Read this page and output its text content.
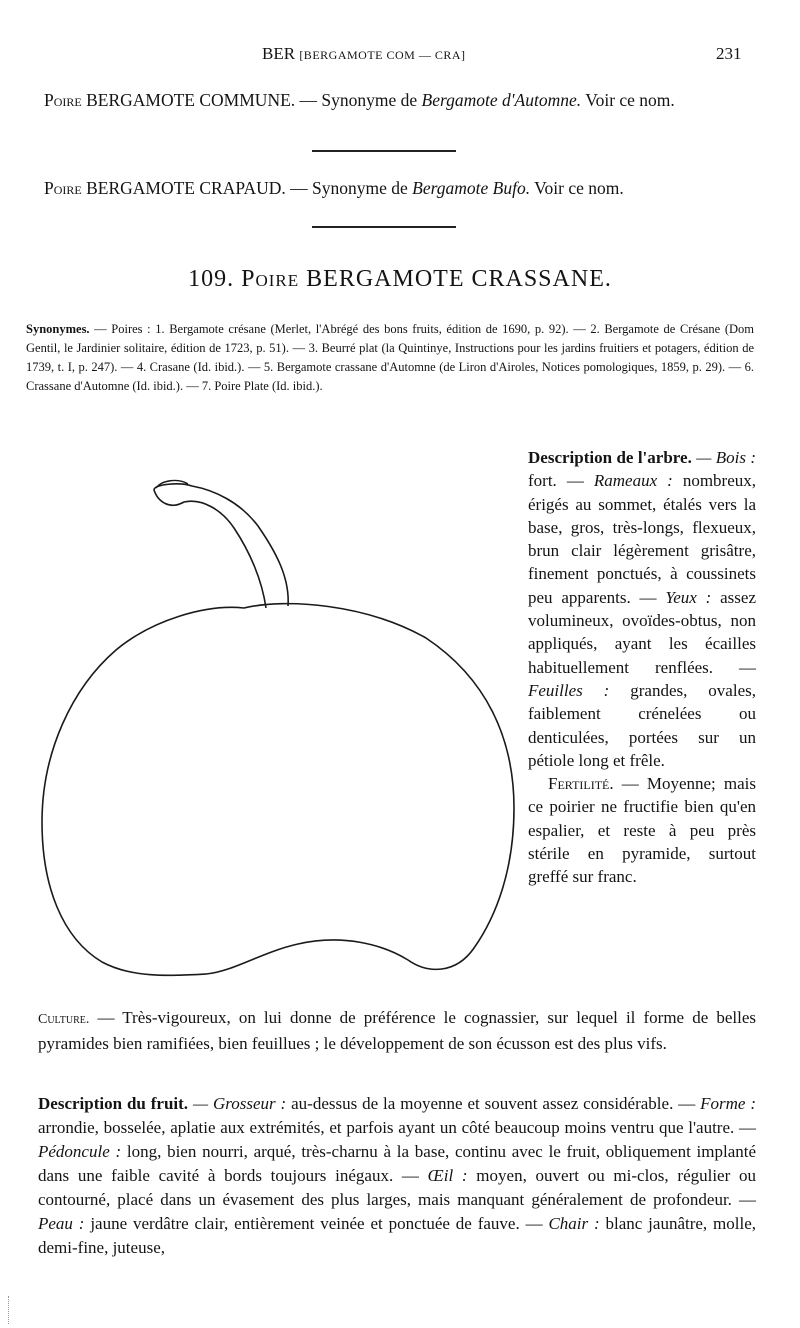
BER [BERGAMOTE COM — CRA]	231

Poire BERGAMOTE COMMUNE. — Synonyme de Bergamote d'Automne. Voir ce nom.

Poire BERGAMOTE CRAPAUD. — Synonyme de Bergamote Bufo. Voir ce nom.

109. Poire BERGAMOTE CRASSANE.

Synonymes. — Poires : 1. Bergamote crésane (Merlet, l'Abrégé des bons fruits, édition de 1690, p. 92). — 2. Bergamote de Crésane (Dom Gentil, le Jardinier solitaire, édition de 1723, p. 51). — 3. Beurré plat (la Quintinye, Instructions pour les jardins fruitiers et potagers, édition de 1739, t. I, p. 247). — 4. Crasane (Id. ibid.). — 5. Bergamote crassane d'Automne (de Liron d'Airoles, Notices pomologiques, 1859, p. 29). — 6. Crassane d'Automne (Id. ibid.). — 7. Poire Plate (Id. ibid.).

Description de l'arbre. — Bois : fort. — Rameaux : nombreux, érigés au sommet, étalés vers la base, gros, très-longs, flexueux, brun clair légèrement grisâtre, finement ponctués, à coussinets peu apparents. — Yeux : assez volumineux, ovoïdes-obtus, non appliqués, ayant les écailles habituellement renflées. — Feuilles : grandes, ovales, faiblement crénelées ou denticulées, portées sur un pétiole long et frêle.

Fertilité. — Moyenne; mais ce poirier ne fructifie bien qu'en espalier, et reste à peu près stérile en pyramide, surtout greffé sur franc.

Culture. — Très-vigoureux, on lui donne de préférence le cognassier, sur lequel il forme de belles pyramides bien ramifiées, bien feuillues ; le développement de son écusson est des plus vifs.

Description du fruit. — Grosseur : au-dessus de la moyenne et souvent assez considérable. — Forme : arrondie, bosselée, aplatie aux extrémités, et parfois ayant un côté beaucoup moins ventru que l'autre. — Pédoncule : long, bien nourri, arqué, très-charnu à la base, continu avec le fruit, obliquement implanté dans une faible cavité à bords toujours inégaux. — Œil : moyen, ouvert ou mi-clos, régulier ou contourné, placé dans un évasement des plus larges, mais manquant généralement de profondeur. — Peau : jaune verdâtre clair, entièrement veinée et ponctuée de fauve. — Chair : blanc jaunâtre, molle, demi-fine, juteuse,
